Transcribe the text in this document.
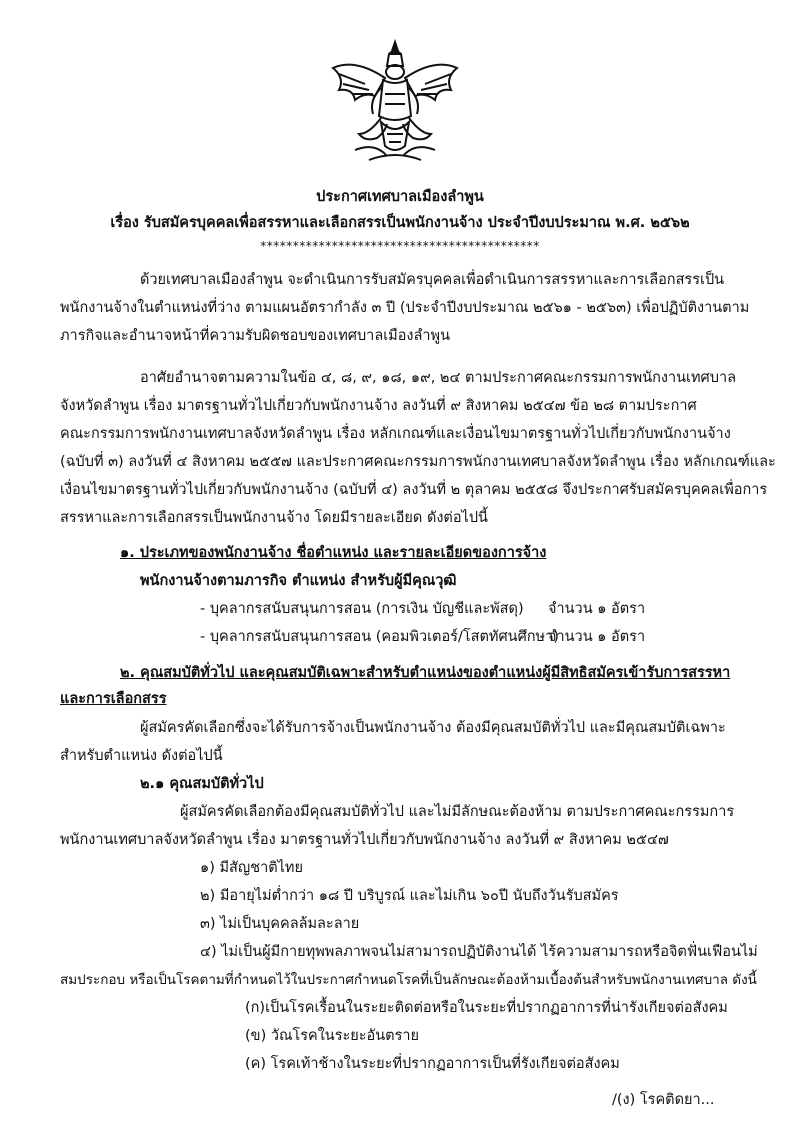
ประกาศเทศบาลเมืองลำพูน
เรื่อง รับสมัครบุคคลเพื่อสรรหาและเลือกสรรเป็นพนักงานจ้าง ประจำปีงบประมาณ พ.ศ. ๒๕๖๒
*******************************************
ด้วยเทศบาลเมืองลำพูน จะดำเนินการรับสมัครบุคคลเพื่อดำเนินการสรรหาและการเลือกสรรเป็น
พนักงานจ้างในตำแหน่งที่ว่าง ตามแผนอัตรากำลัง ๓ ปี (ประจำปีงบประมาณ ๒๕๖๑ - ๒๕๖๓) เพื่อปฏิบัติงานตาม
ภารกิจและอำนาจหน้าที่ความรับผิดชอบของเทศบาลเมืองลำพูน
อาศัยอำนาจตามความในข้อ ๔, ๘, ๙, ๑๘, ๑๙, ๒๔ ตามประกาศคณะกรรมการพนักงานเทศบาล
จังหวัดลำพูน เรื่อง มาตรฐานทั่วไปเกี่ยวกับพนักงานจ้าง ลงวันที่ ๙ สิงหาคม ๒๕๔๗ ข้อ ๒๘ ตามประกาศ
คณะกรรมการพนักงานเทศบาลจังหวัดลำพูน เรื่อง หลักเกณฑ์และเงื่อนไขมาตรฐานทั่วไปเกี่ยวกับพนักงานจ้าง
(ฉบับที่ ๓) ลงวันที่ ๔ สิงหาคม ๒๕๕๗ และประกาศคณะกรรมการพนักงานเทศบาลจังหวัดลำพูน เรื่อง หลักเกณฑ์และ
เงื่อนไขมาตรฐานทั่วไปเกี่ยวกับพนักงานจ้าง (ฉบับที่ ๔) ลงวันที่ ๒ ตุลาคม ๒๕๕๘ จึงประกาศรับสมัครบุคคลเพื่อการ
สรรหาและการเลือกสรรเป็นพนักงานจ้าง โดยมีรายละเอียด ดังต่อไปนี้
๑. ประเภทของพนักงานจ้าง ชื่อตำแหน่ง และรายละเอียดของการจ้าง
พนักงานจ้างตามภารกิจ ตำแหน่ง สำหรับผู้มีคุณวุฒิ
- บุคลากรสนับสนุนการสอน (การเงิน บัญชีและพัสดุ) จำนวน ๑ อัตรา
- บุคลากรสนับสนุนการสอน (คอมพิวเตอร์/โสตทัศนศึกษา)
จำนวน ๑ อัตรา
๒. คุณสมบัติทั่วไป และคุณสมบัติเฉพาะสำหรับตำแหน่งของตำแหน่งผู้มีสิทธิสมัครเข้ารับการสรรหา
และการเลือกสรร
ผู้สมัครคัดเลือกซึ่งจะได้รับการจ้างเป็นพนักงานจ้าง ต้องมีคุณสมบัติทั่วไป และมีคุณสมบัติเฉพาะ
สำหรับตำแหน่ง ดังต่อไปนี้
๒.๑ คุณสมบัติทั่วไป
ผู้สมัครคัดเลือกต้องมีคุณสมบัติทั่วไป และไม่มีลักษณะต้องห้าม ตามประกาศคณะกรรมการ
พนักงานเทศบาลจังหวัดลำพูน เรื่อง มาตรฐานทั่วไปเกี่ยวกับพนักงานจ้าง ลงวันที่ ๙ สิงหาคม ๒๕๔๗
๑) มีสัญชาติไทย
๒) มีอายุไม่ต่ำกว่า ๑๘ ปี บริบูรณ์ และไม่เกิน ๖๐ปี นับถึงวันรับสมัคร
๓) ไม่เป็นบุคคลล้มละลาย
๔) ไม่เป็นผู้มีกายทุพพลภาพจนไม่สามารถปฏิบัติงานได้ ไร้ความสามารถหรือจิตฟั่นเฟือนไม่
สมประกอบ หรือเป็นโรคตามที่กำหนดไว้ในประกาศกำหนดโรคที่เป็นลักษณะต้องห้ามเบื้องต้นสำหรับพนักงานเทศบาล ดังนี้
(ก)เป็นโรคเรื้อนในระยะติดต่อหรือในระยะที่ปรากฏอาการที่น่ารังเกียจต่อสังคม
(ข) วัณโรคในระยะอันตราย
(ค) โรคเท้าช้างในระยะที่ปรากฏอาการเป็นที่รังเกียจต่อสังคม
/(ง) โรคติดยา...
